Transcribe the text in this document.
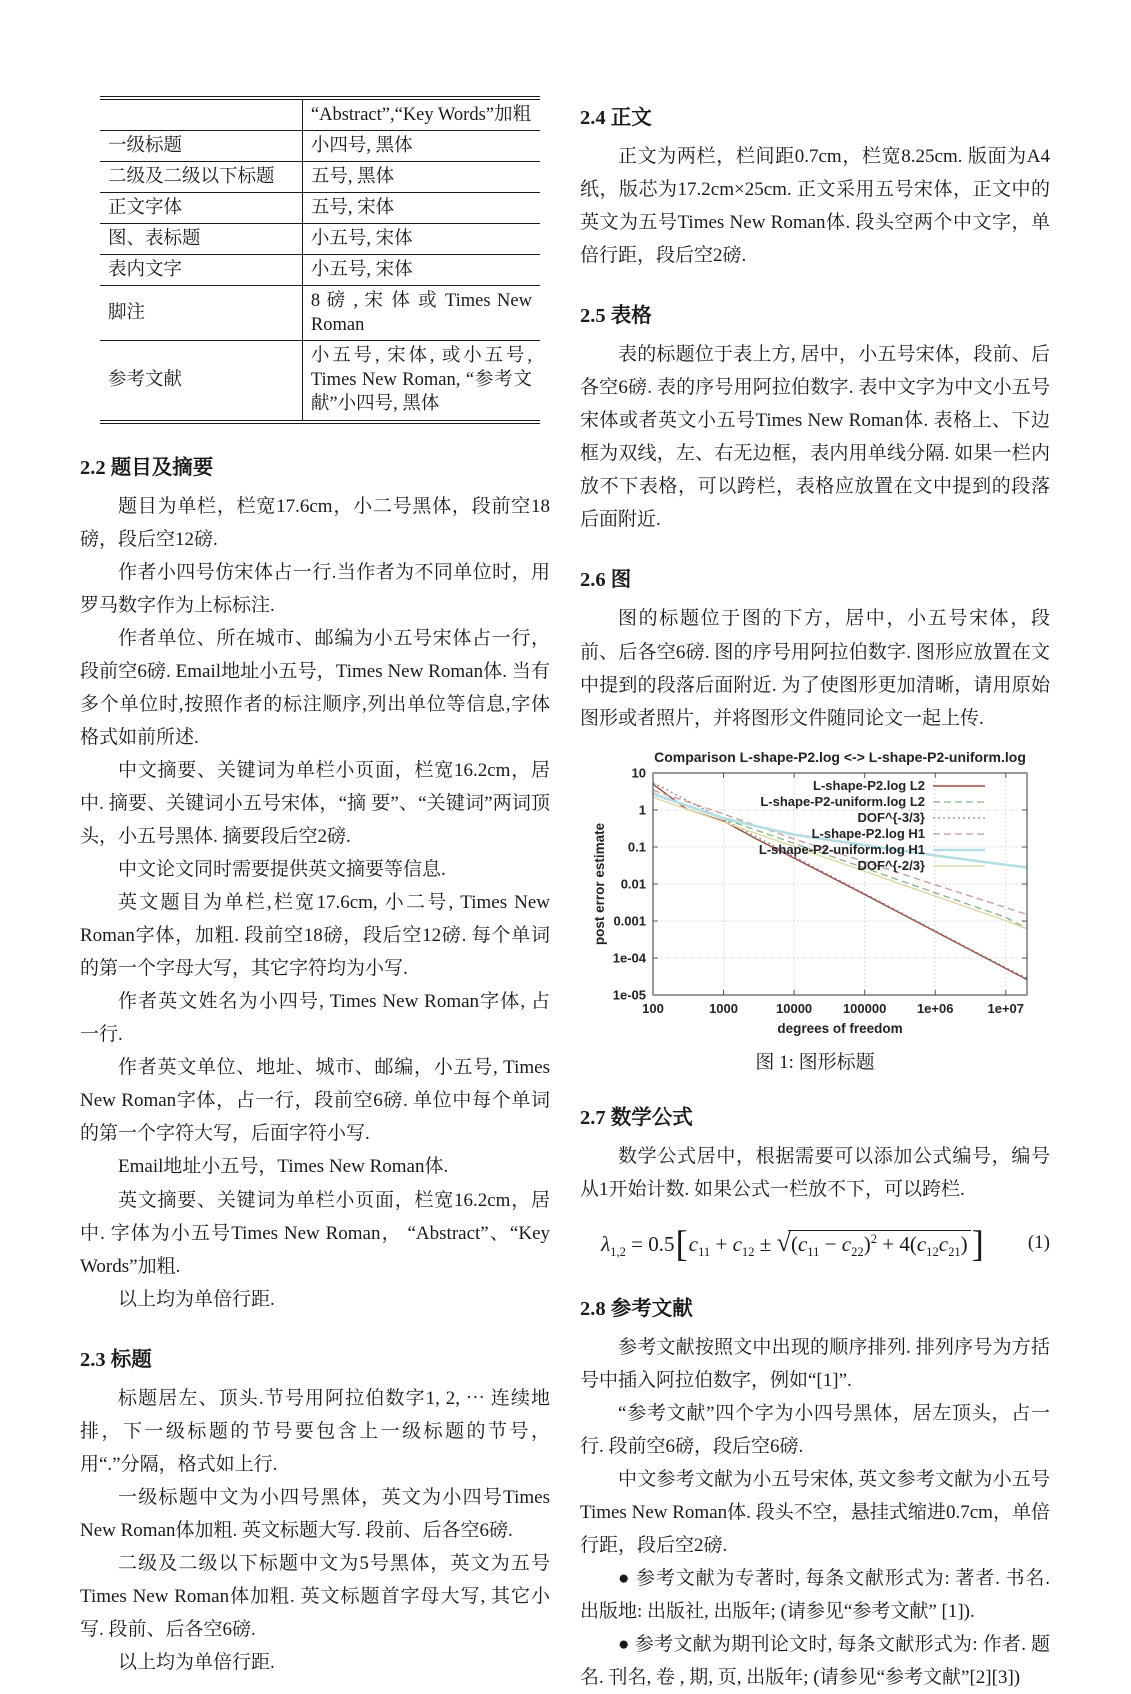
	“Abstract”,“Key Words”加粗
一级标题	小四号, 黑体
二级及二级以下标题	五号, 黑体
正文字体	五号, 宋体
图、表标题	小五号, 宋体
表内文字	小五号, 宋体
脚注	8 磅 , 宋 体 或 Times New Roman
参考文献	小五号, 宋体, 或小五号, Times New Roman, “参考文献”小四号, 黑体
2.2 题目及摘要

题目为单栏，栏宽17.6cm，小二号黑体，段前空18磅，段后空12磅.

作者小四号仿宋体占一行.当作者为不同单位时，用罗马数字作为上标标注.

作者单位、所在城市、邮编为小五号宋体占一行，段前空6磅. Email地址小五号，Times New Roman体. 当有多个单位时,按照作者的标注顺序,列出单位等信息,字体格式如前所述.

中文摘要、关键词为单栏小页面，栏宽16.2cm，居中. 摘要、关键词小五号宋体，“摘 要”、“关键词”两词顶头，小五号黑体. 摘要段后空2磅.

中文论文同时需要提供英文摘要等信息.

英文题目为单栏,栏宽17.6cm, 小二号, Times New Roman字体，加粗. 段前空18磅，段后空12磅. 每个单词的第一个字母大写，其它字符均为小写.

作者英文姓名为小四号, Times New Roman字体, 占一行.

作者英文单位、地址、城市、邮编，小五号, Times New Roman字体，占一行，段前空6磅. 单位中每个单词的第一个字符大写，后面字符小写.

Email地址小五号，Times New Roman体.

英文摘要、关键词为单栏小页面，栏宽16.2cm，居中. 字体为小五号Times New Roman， “Abstract”、“Key Words”加粗.

以上均为单倍行距.

2.3 标题

标题居左、顶头.节号用阿拉伯数字1, 2, ⋯ 连续地排，下一级标题的节号要包含上一级标题的节号，用“.”分隔，格式如上行.

一级标题中文为小四号黑体，英文为小四号Times New Roman体加粗. 英文标题大写. 段前、后各空6磅.

二级及二级以下标题中文为5号黑体，英文为五号Times New Roman体加粗. 英文标题首字母大写, 其它小写. 段前、后各空6磅.

以上均为单倍行距.

2.4 正文

正文为两栏，栏间距0.7cm，栏宽8.25cm. 版面为A4纸，版芯为17.2cm×25cm. 正文采用五号宋体，正文中的英文为五号Times New Roman体. 段头空两个中文字，单倍行距，段后空2磅.

2.5 表格

表的标题位于表上方, 居中，小五号宋体，段前、后各空6磅. 表的序号用阿拉伯数字. 表中文字为中文小五号宋体或者英文小五号Times New Roman体. 表格上、下边框为双线，左、右无边框，表内用单线分隔. 如果一栏内放不下表格，可以跨栏，表格应放置在文中提到的段落后面附近.

2.6 图

图的标题位于图的下方，居中，小五号宋体，段前、后各空6磅. 图的序号用阿拉伯数字. 图形应放置在文中提到的段落后面附近. 为了使图形更加清晰，请用原始图形或者照片，并将图形文件随同论文一起上传.

100	1000	10000 100000 1e+06	1e+07
10
1
0.1
0.01
0.001
1e-04
1e-05
Comparison L-shape-P2.log <-> L-shape-P2-uniform.log
degrees of freedom
post error estimate
L-shape-P2.log L2
L-shape-P2-uniform.log L2
DOF^{-3/3}
L-shape-P2.log H1
L-shape-P2-uniform.log H1
DOF^{-2/3}
图 1: 图形标题
2.7 数学公式

数学公式居中，根据需要可以添加公式编号，编号从1开始计数. 如果公式一栏放不下，可以跨栏.

$\lambda_{1,2} = 0.5[c_{11} + c_{12} \pm √(c_{11} - c_{22})^2 + 4(c_{12}c_{21})$ ]	(1)
2.8 参考文献

参考文献按照文中出现的顺序排列. 排列序号为方括号中插入阿拉伯数字，例如“[1]”.

“参考文献”四个字为小四号黑体，居左顶头，占一行. 段前空6磅，段后空6磅.

中文参考文献为小五号宋体, 英文参考文献为小五号Times New Roman体. 段头不空，悬挂式缩进0.7cm，单倍行距，段后空2磅.

● 参考文献为专著时, 每条文献形式为: 著者. 书名. 出版地: 出版社, 出版年; (请参见“参考文献” [1]).

● 参考文献为期刊论文时, 每条文献形式为: 作者. 题名. 刊名, 卷 , 期, 页, 出版年; (请参见“参考文献”[2][3])
